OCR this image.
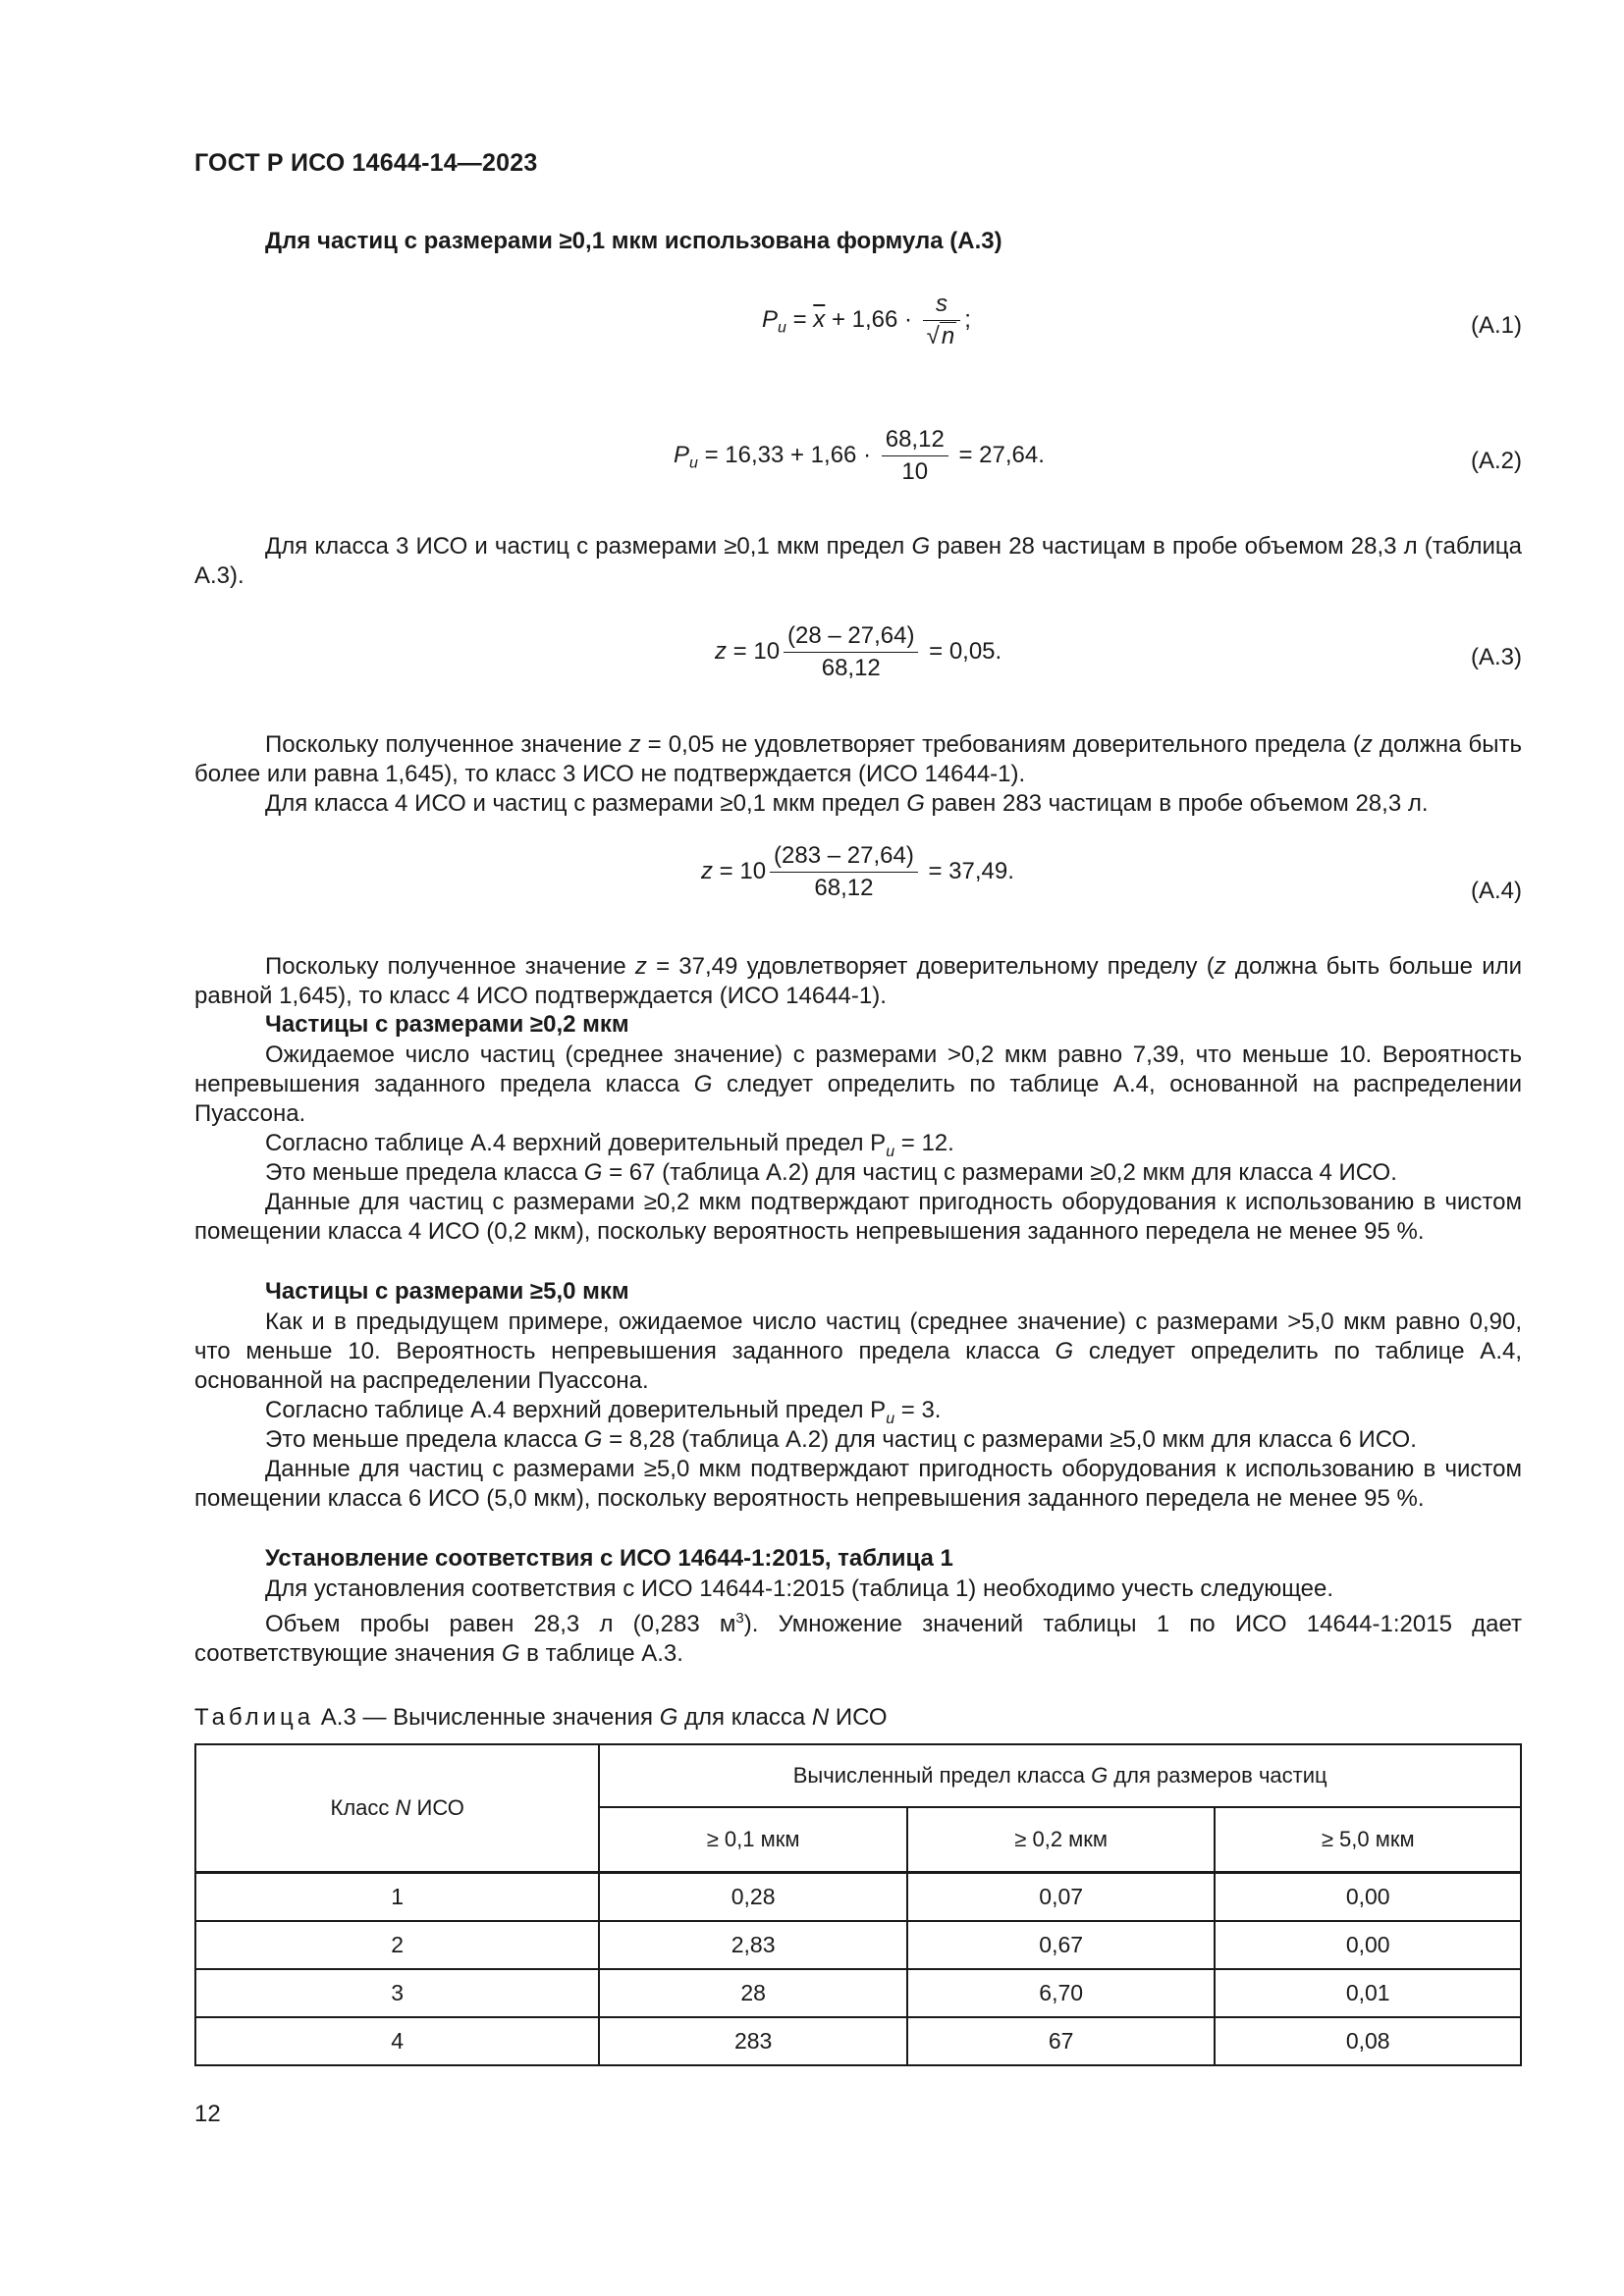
ГОСТ Р ИСО 14644-14—2023
Для частиц с размерами ≥0,1 мкм использована формула (А.3)
$P_u = \overline{x} + 1,66 \cdot \frac{s}{√n}$ ;	(А.1)
$P_u = 16,33 + 1,66 \cdot \frac{68,12}{10} = 27,64$.	(А.2)
Для класса 3 ИСО и частиц с размерами ≥0,1 мкм предел G равен 28 частицам в пробе объемом 28,3 л (таблица А.3).
$z = 10 \frac{(28 - 27,64)}{68,12} = 0,05$.	(А.3)
Поскольку полученное значение z = 0,05 не удовлетворяет требованиям доверительного предела (z должна быть более или равна 1,645), то класс 3 ИСО не подтверждается (ИСО 14644-1).
Для класса 4 ИСО и частиц с размерами ≥0,1 мкм предел G равен 283 частицам в пробе объемом 28,3 л.
$z = 10 \frac{(283 - 27,64)}{68,12} = 37,49$.
(А.4)
Поскольку полученное значение z = 37,49 удовлетворяет доверительному пределу (z должна быть больше или равной 1,645), то класс 4 ИСО подтверждается (ИСО 14644-1).
Частицы с размерами ≥0,2 мкм
Ожидаемое число частиц (среднее значение) с размерами >0,2 мкм равно 7,39, что меньше 10. Вероятность непревышения заданного предела класса G следует определить по таблице А.4, основанной на распределении Пуассона.
Согласно таблице А.4 верхний доверительный предел $P_u = 12$.
Это меньше предела класса G = 67 (таблица А.2) для частиц с размерами ≥0,2 мкм для класса 4 ИСО.
Данные для частиц с размерами ≥0,2 мкм подтверждают пригодность оборудования к использованию в чистом помещении класса 4 ИСО (0,2 мкм), поскольку вероятность непревышения заданного передела не менее 95 %.
Частицы с размерами ≥5,0 мкм
Как и в предыдущем примере, ожидаемое число частиц (среднее значение) с размерами >5,0 мкм равно 0,90, что меньше 10. Вероятность непревышения заданного предела класса G следует определить по таблице А.4, основанной на распределении Пуассона.
Согласно таблице А.4 верхний доверительный предел $P_u = 3$.
Это меньше предела класса G = 8,28 (таблица А.2) для частиц с размерами ≥5,0 мкм для класса 6 ИСО.
Данные для частиц с размерами ≥5,0 мкм подтверждают пригодность оборудования к использованию в чистом помещении класса 6 ИСО (5,0 мкм), поскольку вероятность непревышения заданного передела не менее 95 %.
Установление соответствия с ИСО 14644-1:2015, таблица 1
Для установления соответствия с ИСО 14644-1:2015 (таблица 1) необходимо учесть следующее.
Объем пробы равен 28,3 л (0,283 $м^3$). Умножение значений таблицы 1 по ИСО 14644-1:2015 дает соответствующие значения G в таблице А.3.
Таблица А.3 — Вычисленные значения G для класса N ИСО
Класс N ИСО	Вычисленный предел класса G для размеров частиц		
	≥ 0,1 мкм	≥ 0,2 мкм	≥ 5,0 мкм
1	0,28	0,07	0,00
2	2,83	0,67	0,00
3	28	6,70	0,01
4	283	67	0,08
12
